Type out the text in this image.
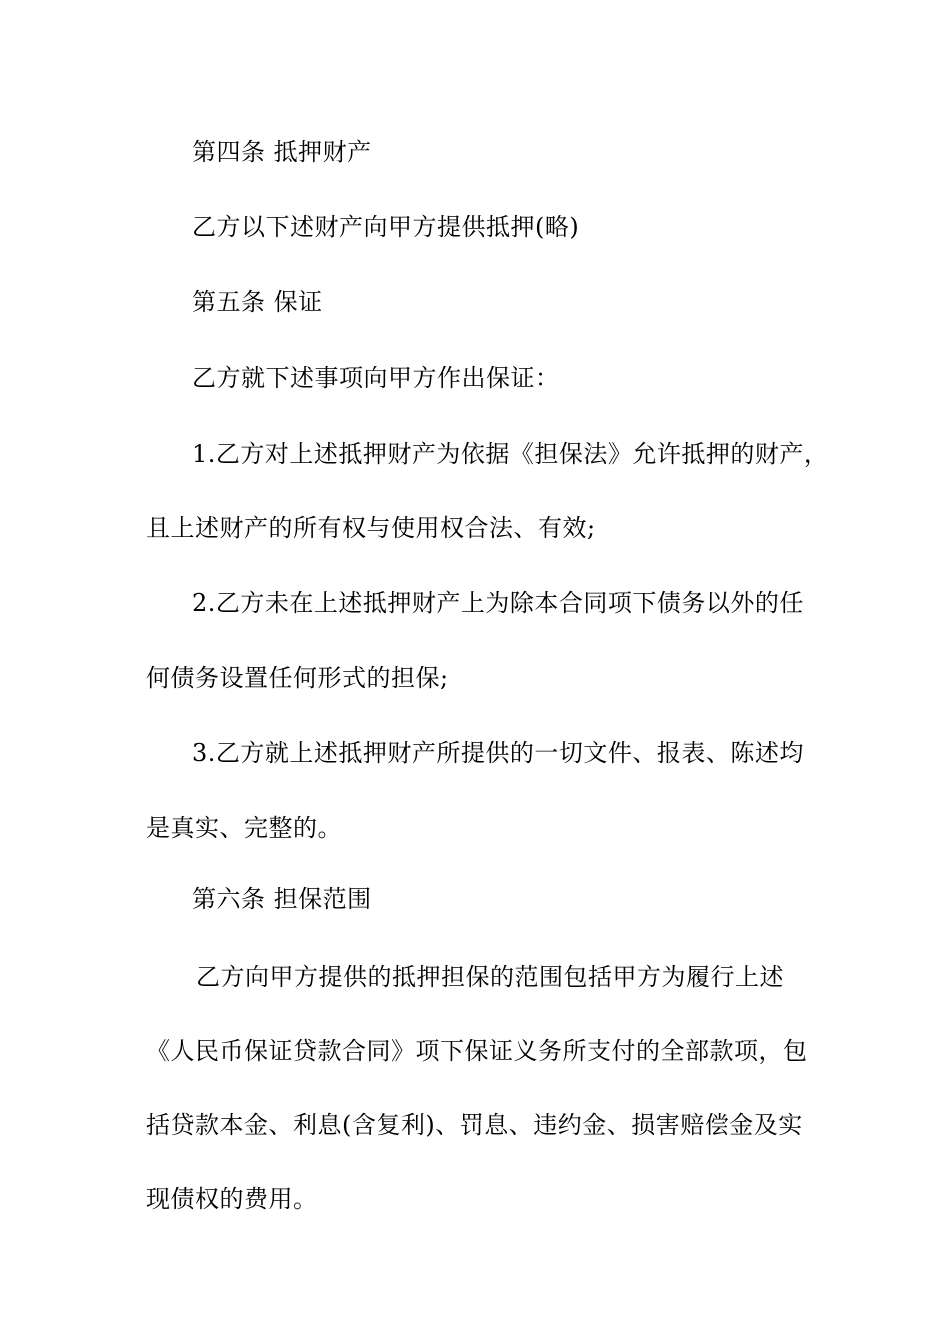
第四条 抵押财产
乙方以下述财产向甲方提供抵押(略)
第五条 保证
乙方就下述事项向甲方作出保证：
1.乙方对上述抵押财产为依据《担保法》允许抵押的财产，
且上述财产的所有权与使用权合法、有效;
2.乙方未在上述抵押财产上为除本合同项下债务以外的任
何债务设置任何形式的担保;
3.乙方就上述抵押财产所提供的一切文件、报表、陈述均
是真实、完整的。
第六条 担保范围
乙方向甲方提供的抵押担保的范围包括甲方为履行上述
《人民币保证贷款合同》项下保证义务所支付的全部款项，包
括贷款本金、利息(含复利)、罚息、违约金、损害赔偿金及实
现债权的费用。
